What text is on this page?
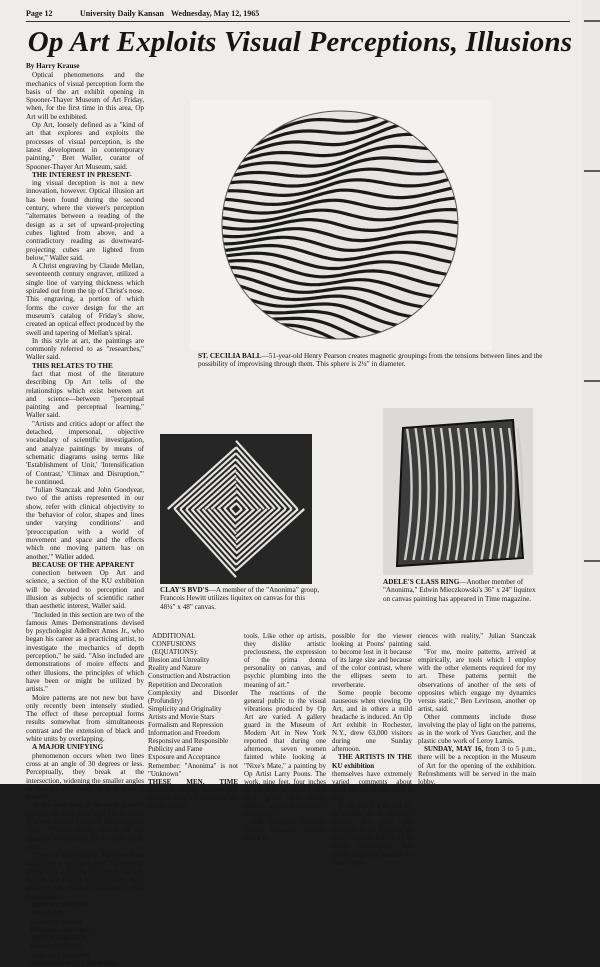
Page 12	University Daily Kansan Wednesday, May 12, 1965
Op Art Exploits Visual Perceptions, Illusions

By Harry Krause

Optical phenomenons and the mechanics of visual perception form the basis of the art exhibit opening in Spooner-Thayer Museum of Art Friday, when, for the first time in this area, Op Art will be exhibited.

Op Art, loosely defined as a "kind of art that explores and exploits the processes of visual perception, is the latest development in contemporary painting," Bret Waller, curator of Spooner-Thayer Art Museum, said.

THE INTEREST IN PRESENT-

ing visual deception is not a new innovation, however. Optical illusion art has been found during the second century, where the viewer's perception "alternates between a reading of the design as a set of upward-projecting cubes lighted from above, and a contradictory reading as downward-projecting cubes are lighted from below," Waller said.

A Christ engraving by Claude Mellan, seventeenth century engraver, utilized a single line of varying thickness which spiraled out from the tip of Christ's nose. This engraving, a portion of which forms the cover design for the art museum's catalog of Friday's show, created an optical effect produced by the swell and tapering of Mellan's spiral.

In this style at art, the paintings are commonly referred to as "researches," Waller said.

THIS RELATES TO THE

fact that most of the literature describing Op Art tells of the relationships which exist between art and science—between "perceptual painting and perceptual learning," Waller said.

"Artists and critics adopt or affect the detached, impersonal, objective vocabulary of scientific investigation, and analyze paintings by means of schematic diagrams using terms like 'Establishment of Unit,' 'Intensification of Contrast,' 'Climax and Disruption,'" he continued.

"Julian Stanczak and John Goodyear, two of the artists represented in our show, refer with clinical objectivity to the 'behavior of color, shapes and lines under varying conditions' and 'preoccupation with a world of movement and space and the effects which one moving pattern has on another,'" Waller added.

BECAUSE OF THE APPARENT

conection between Op Art and science, a section of the KU exhibition will be devoted to perception and illusion as subjects of scientific rather than aesthetic interest, Waller said.

"Included in this section are two of the famous Ames Demonstrations devised by psychologist Adelbert Ames Jr., who began his career as a practicing artist, to investigate the mechanics of depth perception," he said. "Also included are demonstrations of moire effects and other illusions, the principles of which have been or might be utilized by artists."

Moire patterns are not new but have only recently been intensely studied. The effect of these perceptual forms results somewhat from simultaneous contrast and the extension of black and white units by overlapping.

A MAJOR UNIFYING

phenomenon occurs when two lines cross at an angle of 30 degrees or less. Perceptually, they break at the intersection, widening the smaller angles so that the continuity of both lines is broken.

At the same time, if the angle is small enough, in open dots with black, much as if two wet ink lines had bled into each other. William Seitz, curator of the Museum of Modern Art in New York, said.

Three of the artists in the show have organized a group called "Anonima." These men — Ernest Benkert, Francis E. Hewitt and Edwin Mieczkowski—have given us the official statement of their organization.

DON'T CONFUSE

Art and Life

Geometry and Art

Perception and Optics

DON'T EQUATE

Heads with Brains

Tools with Machines

Anonymity with Conformity

ST. CECILIA BALL—51-year-old Henry Pearson creates magnetic groupings from the tensions between lines and the possibility of improvising through them. This sphere is 2¼" in diameter.
CLAY'S BVD'S—A member of the "Anonima" group, Francois Hewitt utilizes liquitex on canvas for this 48¼" x 48" canvas.
ADELE'S CLASS RING—Another member of "Anonima," Edwin Mieczkowski's 36" x 24" liquitex on canvas painting has appeared in Time magazine.

ADDITIONAL CONFUSIONS (EQUATIONS):

Illusion and Unreality

Reality and Nature

Construction and Abstraction

Repetition and Decoration

Complexity and Disorder (Profundity)

Simplicity and Originality

Artists and Movie Stars

Formalism and Repression

Information and Freedom

Responsive and Responsible

Publicity and Fame

Exposure and Acceptance

Remember: "Anonima" is not "Unknown"

THESE MEN, TIME magazine states, "believe that the rule and the compass are proper artist's

tools. Like other op artists, they dislike artistic preciousness, the expression of the prima donna personality on canvas, and psychic plumbing into the meaning of art."

The reactions of the general public to the visual vibrations produced by Op Art are varied. A gallery guard in the Museum of Modern Art in New York reported that during one afternoon, seven women fainted while looking at "Nixe's Mate," a painting by Op Artist Larry Poons. The work, nine feet, four inches by six feet, is painted with blue, green and orange ellipses against a tomato-red background.

Mike Stoughton, Spooner-Thayer museum registrar, said it is

possible for the viewer looking at Poons' painting to become lost in it because of its large size and because of the color contrast, where the ellipses seem to reverberate.

Some people become nauseous when viewing Op Art, and in others a mild headache is induced. An Op Art exhibit in Rochester, N.Y., drew 63,000 visitors during one Sunday afternoon.

THE ARTISTS IN THE KU exhibition

themselves have extremely varied comments about what Op Art is and what it does.

In my work, I do not try to imitate or to interpret nature; but with the response to the behavior of colors, shapes, lines, I try to create relationships that would have run parallel to man's expe-

riences with reality," Julian Stanczak said.

"For me, moire patterns, arrived at empirically, are tools which I employ with the other elements required for my art. These patterns permit the observations of another of the sets of opposites which engage my dynamics versus static," Ben Levinson, another op artist, said.

Other comments include those involving the play of light on the patterns, as in the work of Yves Gaucher, and the plastic cube work of Leroy Lamis.

SUNDAY, MAY 16, from 3 to 5 p.m., there will be a reception in the Museum of Art for the opening of the exhibition. Refreshments will be served in the main lobby.
